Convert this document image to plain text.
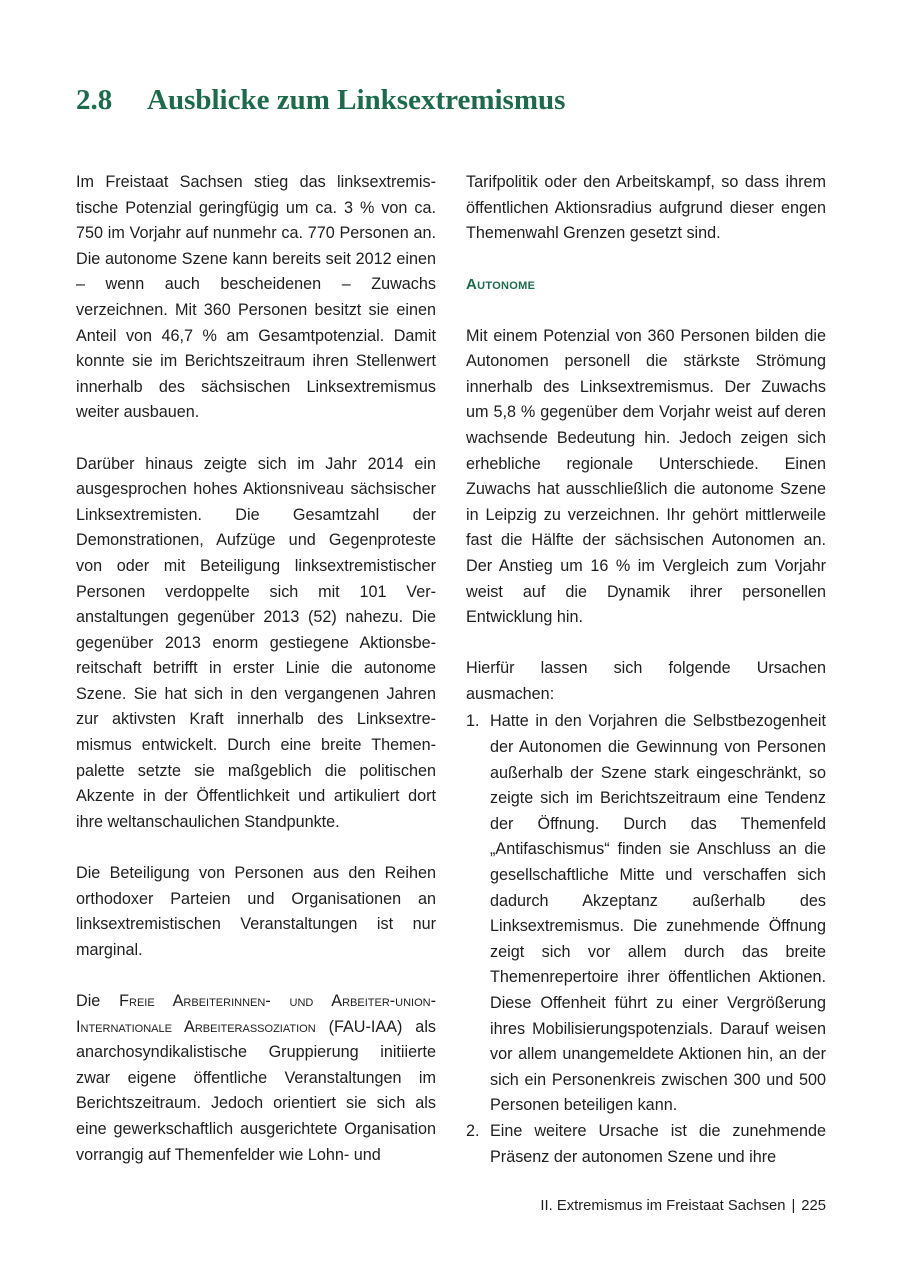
2.8 Ausblicke zum Linksextremismus

Im Freistaat Sachsen stieg das linksextremistische Potenzial geringfügig um ca. 3 % von ca. 750 im Vorjahr auf nunmehr ca. 770 Personen an. Die autonome Szene kann bereits seit 2012 einen – wenn auch bescheidenen – Zuwachs verzeichnen. Mit 360 Personen besitzt sie einen Anteil von 46,7 % am Gesamtpotenzial. Damit konnte sie im Berichtszeitraum ihren Stellenwert innerhalb des sächsischen Linksextremismus weiter ausbauen.

Darüber hinaus zeigte sich im Jahr 2014 ein ausgesprochen hohes Aktionsniveau sächsischer Linksextremisten. Die Gesamtzahl der Demonstrationen, Aufzüge und Gegenproteste von oder mit Beteiligung linksextremistischer Personen verdoppelte sich mit 101 Veranstaltungen gegenüber 2013 (52) nahezu. Die gegenüber 2013 enorm gestiegene Aktionsbereitschaft betrifft in erster Linie die autonome Szene. Sie hat sich in den vergangenen Jahren zur aktivsten Kraft innerhalb des Linksextremismus entwickelt. Durch eine breite Themenpalette setzte sie maßgeblich die politischen Akzente in der Öffentlichkeit und artikuliert dort ihre weltanschaulichen Standpunkte.

Die Beteiligung von Personen aus den Reihen orthodoxer Parteien und Organisationen an linksextremistischen Veranstaltungen ist nur marginal.

Die Freie Arbeiterinnen- und Arbeiter-union-Internationale Arbeiterassoziation (FAU-IAA) als anarchosyndikalistische Gruppierung initiierte zwar eigene öffentliche Veranstaltungen im Berichtszeitraum. Jedoch orientiert sie sich als eine gewerkschaftlich ausgerichtete Organisation vorrangig auf Themenfelder wie Lohn- und

Tarifpolitik oder den Arbeitskampf, so dass ihrem öffentlichen Aktionsradius aufgrund dieser engen Themenwahl Grenzen gesetzt sind.

Autonome

Mit einem Potenzial von 360 Personen bilden die Autonomen personell die stärkste Strömung innerhalb des Linksextremismus. Der Zuwachs um 5,8 % gegenüber dem Vorjahr weist auf deren wachsende Bedeutung hin. Jedoch zeigen sich erhebliche regionale Unterschiede. Einen Zuwachs hat ausschließlich die autonome Szene in Leipzig zu verzeichnen. Ihr gehört mittlerweile fast die Hälfte der sächsischen Autonomen an. Der Anstieg um 16 % im Vergleich zum Vorjahr weist auf die Dynamik ihrer personellen Entwicklung hin.

Hierfür lassen sich folgende Ursachen ausmachen:

1. Hatte in den Vorjahren die Selbstbezogenheit der Autonomen die Gewinnung von Personen außerhalb der Szene stark eingeschränkt, so zeigte sich im Berichtszeitraum eine Tendenz der Öffnung. Durch das Themenfeld „Antifaschismus“ finden sie Anschluss an die gesellschaftliche Mitte und verschaffen sich dadurch Akzeptanz außerhalb des Linksextremismus. Die zunehmende Öffnung zeigt sich vor allem durch das breite Themenrepertoire ihrer öffentlichen Aktionen. Diese Offenheit führt zu einer Vergrößerung ihres Mobilisierungspotenzials. Darauf weisen vor allem unangemeldete Aktionen hin, an der sich ein Personenkreis zwischen 300 und 500 Personen beteiligen kann.
2. Eine weitere Ursache ist die zunehmende Präsenz der autonomen Szene und ihre
II. Extremismus im Freistaat Sachsen | 225
